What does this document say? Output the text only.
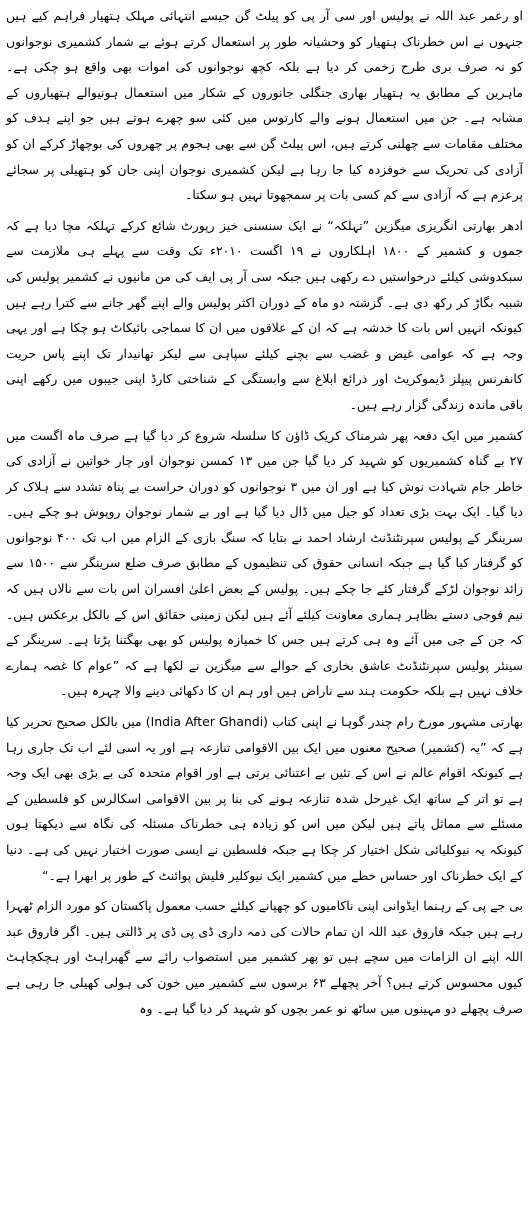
او رعمر عبد اللہ نے پولیس اور سی آر پی کو پیلٹ گن جیسے انتہائی مہلک ہتھیار فراہم کیے ہیں جنہوں نے اس خطرناک ہتھیار کو وحشیانہ طور پر استعمال کرتے ہوئے بے شمار کشمیری نوجوانوں کو نہ صرف بری طرح زخمی کر دیا ہے بلکہ کچھ نوجوانوں کی اموات بھی واقع ہو چکی ہے۔ ماہرین کے مطابق یہ ہتھیار بھاری جنگلی جانوروں کے شکار میں استعمال ہونیوالے ہتھیاروں کے مشابہ ہے۔ جن میں استعمال ہونے والے کارتوس میں کئی سو چھرے ہوتے ہیں جو اپنے ہدف کو مختلف مقامات سے چھلنی کرتے ہیں، اس پیلٹ گن سے بھی ہجوم پر چھروں کی بوچھاڑ کرکے ان کو آزادی کی تحریک سے خوفزدہ کیا جا رہا ہے لیکن کشمیری نوجوان اپنی جان کو ہتھیلی پر سجائے پرعزم ہے کہ آزادی سے کم کسی بات پر سمجھوتا نہیں ہو سکتا۔
ادھر بھارتی انگریزی میگزین ”تہلکہ“ نے ایک سنسنی خیز رپورٹ شائع کرکے تہلکہ مچا دیا ہے کہ جموں و کشمیر کے ۱۸۰۰ اہلکاروں نے ۱۹ اگست ۲۰۱۰ء تک وقت سے پہلے ہی ملازمت سے سبکدوشی کیلئے درخواستیں دے رکھی ہیں جبکہ سی آر پی ایف کی من مانیوں نے کشمیر پولیس کی شبیہ بگاڑ کر رکھ دی ہے۔ گزشتہ دو ماہ کے دوران اکثر پولیس والے اپنے گھر جانے سے کترا رہے ہیں کیونکہ انہیں اس بات کا خدشہ ہے کہ ان کے علاقوں میں ان کا سماجی بائیکاٹ ہو چکا ہے اور یہی وجہ ہے کہ عوامی غیض و غضب سے بچنے کیلئے سپاہی سے لیکر تھانیدار تک اپنے پاس حریت کانفرنس پیپلز ڈیموکریٹ اور ذرائع ابلاغ سے وابستگی کے شناختی کارڈ اپنی جیبوں میں رکھے اپنی باقی ماندہ زندگی گزار رہے ہیں۔
کشمیر میں ایک دفعہ پھر شرمناک کریک ڈاؤن کا سلسلہ شروع کر دیا گیا ہے صرف ماہ اگست میں ۲۷ بے گناہ کشمیریوں کو شہید کر دیا گیا جن میں ۱۳ کمسن نوجوان اور چار خواتین نے آزادی کی خاطر جام شہادت نوش کیا ہے اور ان میں ۳ نوجوانوں کو دوران حراست بے پناہ تشدد سے ہلاک کر دیا گیا۔ ایک بہت بڑی تعداد کو جیل میں ڈال دیا گیا ہے اور بے شمار نوجوان روپوش ہو چکے ہیں۔ سرینگر کے پولیس سپرنٹنڈنٹ ارشاد احمد نے بتایا کہ سنگ بازی کے الزام میں اب تک ۴۰۰ نوجوانوں کو گرفتار کیا گیا ہے جبکہ انسانی حقوق کی تنظیموں کے مطابق صرف ضلع سرینگر سے ۱۵۰۰ سے زائد نوجوان لڑکے گرفتار کئے جا چکے ہیں۔ پولیس کے بعض اعلیٰ افسران اس بات سے نالاں ہیں کہ نیم فوجی دستے بظاہر ہماری معاونت کیلئے آئے ہیں لیکن زمینی حقائق اس کے بالکل برعکس ہیں۔ کہ جن کے جی میں آئے وہ ہی کرتے ہیں جس کا خمیازہ پولیس کو بھی بھگتنا پڑتا ہے۔ سرینگر کے سینئر پولیس سپرنٹنڈنٹ عاشق بخاری کے حوالے سے میگزین نے لکھا ہے کہ ”عوام کا غصہ ہمارے خلاف نہیں ہے بلکہ حکومت ہند سے ناراض ہیں اور ہم ان کا دکھائی دینے والا چہرہ ہیں۔
بھارتی مشہور مورخ رام چندر گوہا نے اپنی کتاب (India After Ghandi) میں بالکل صحیح تحریر کیا ہے کہ ”یہ (کشمیر) صحیح معنوں میں ایک بین الاقوامی تنازعہ ہے اور یہ اسی لئے اب تک جاری رہا ہے کیونکہ اقوام عالم نے اس کے تئیں بے اعتنائی برتی ہے اور اقوام متحدہ کی بے بڑی بھی ایک وجہ ہے تو اتر کے ساتھ ایک غیرحل شدہ تنازعہ ہونے کی بنا پر بین الاقوامی اسکالرس کو فلسطین کے مسئلے سے مماثل پاتے ہیں لیکن میں اس کو زیادہ ہی خطرناک مسئلہ کی نگاہ سے دیکھتا ہوں کیونکہ یہ نیوکلیائی شکل اختیار کر چکا ہے جبکہ فلسطین نے ایسی صورت اختیار نہیں کی ہے۔ دنیا کے ایک خطرناک اور حساس خطے میں کشمیر ایک نیوکلیر فلیش پوائنٹ کے طور پر ابھرا ہے۔“
بی جے پی کے رہنما ایڈوانی اپنی ناکامیوں کو چھپانے کیلئے حسب معمول پاکستان کو مورد الزام ٹھہرا رہے ہیں جبکہ فاروق عبد اللہ ان تمام حالات کی ذمہ داری ڈی پی ڈی پر ڈالتی ہیں۔ اگر فاروق عبد اللہ اپنے ان الزامات میں سچے ہیں تو پھر کشمیر میں استصواب رائے سے گھبراہٹ اور ہچکچاہٹ کیوں محسوس کرتے ہیں؟ آخر پچھلے ۶۳ برسوں سے کشمیر میں خون کی ہولی کھیلی جا رہی ہے صرف پچھلے دو مہینوں میں ساٹھ نو عمر بچوں کو شہید کر دیا گیا ہے۔ وہ
